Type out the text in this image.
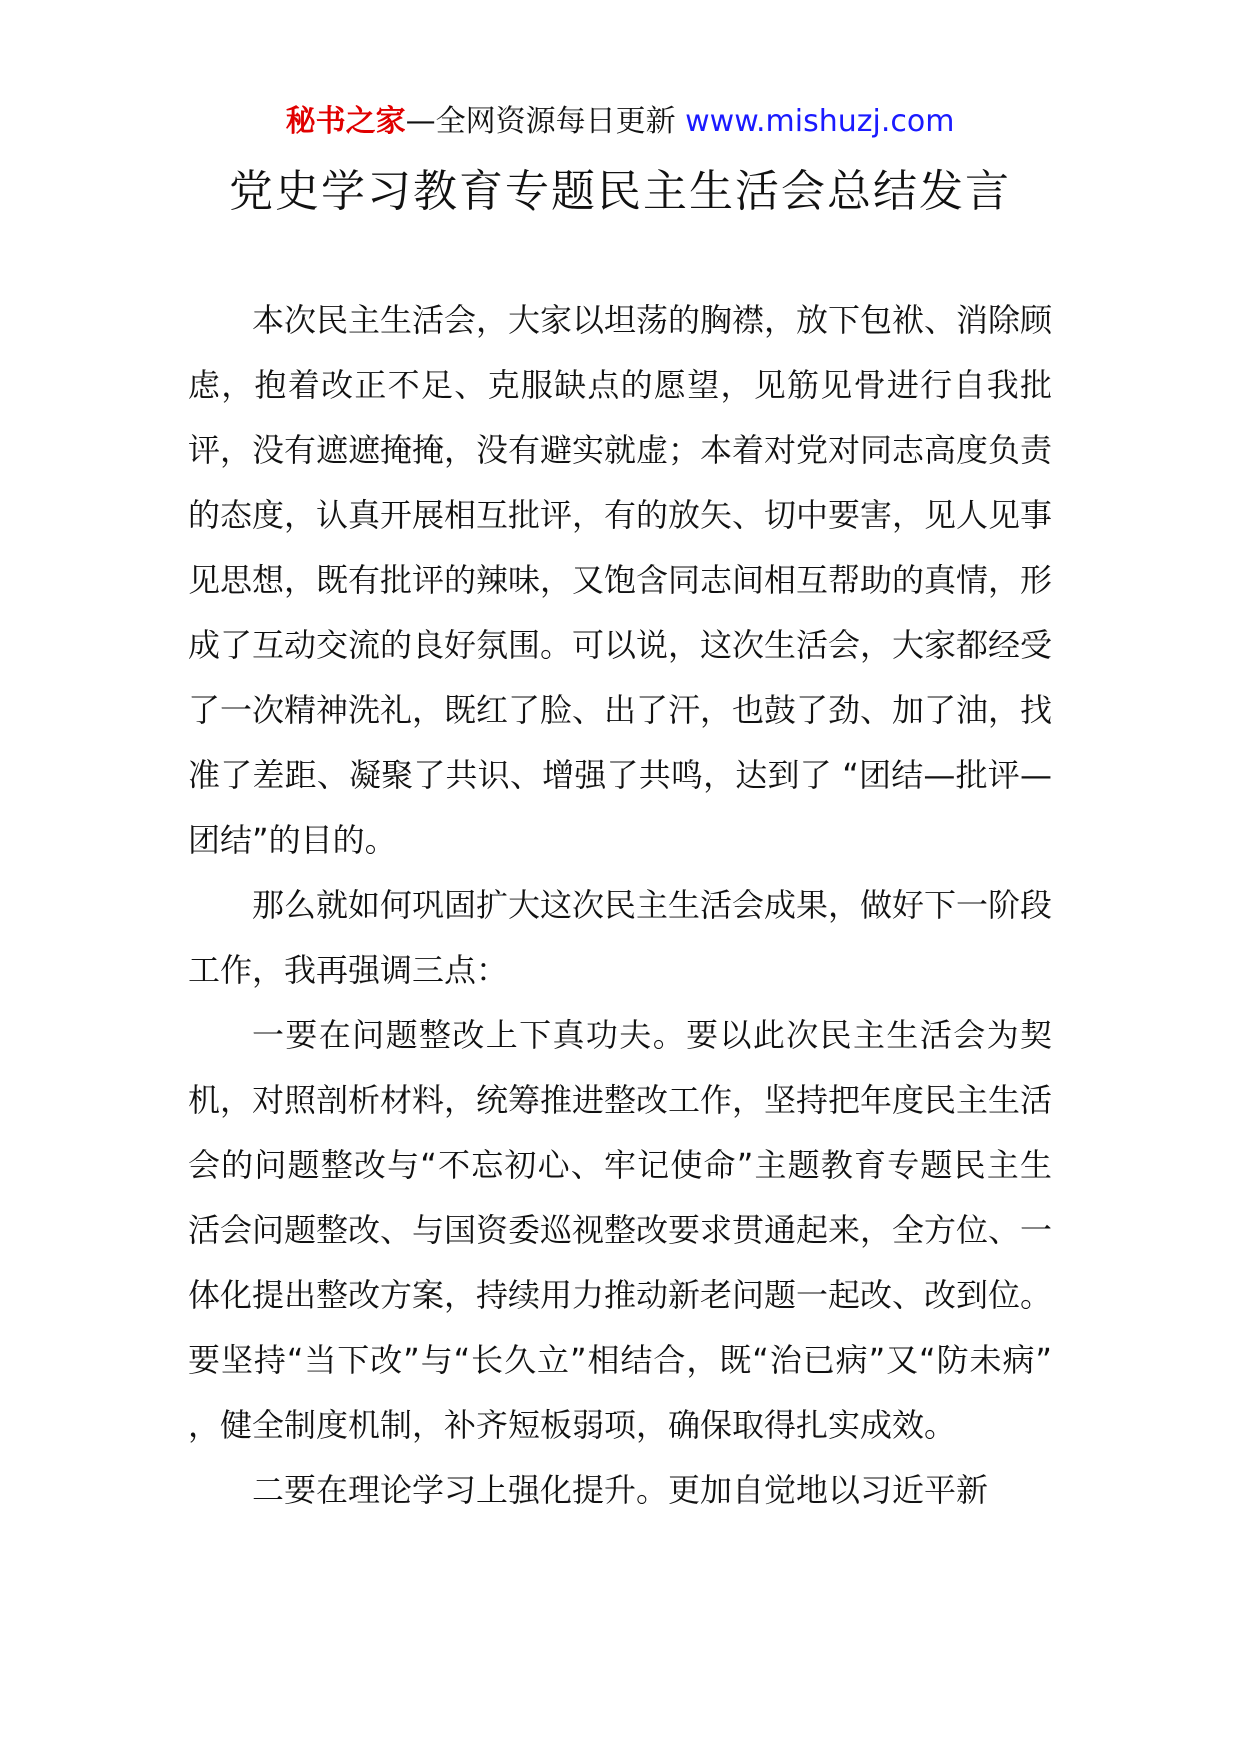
秘书之家—全网资源每日更新 www.mishuzj.com
党史学习教育专题民主生活会总结发言

本次民主生活会，大家以坦荡的胸襟，放下包袱、消除顾虑，抱着改正不足、克服缺点的愿望，见筋见骨进行自我批评，没有遮遮掩掩，没有避实就虚；本着对党对同志高度负责的态度，认真开展相互批评，有的放矢、切中要害，见人见事见思想，既有批评的辣味，又饱含同志间相互帮助的真情，形成了互动交流的良好氛围。可以说，这次生活会，大家都经受了一次精神洗礼，既红了脸、出了汗，也鼓了劲、加了油，找准了差距、凝聚了共识、增强了共鸣，达到了 “团结—批评—团结”的目的。

那么就如何巩固扩大这次民主生活会成果，做好下一阶段工作，我再强调三点：

一要在问题整改上下真功夫。要以此次民主生活会为契机，对照剖析材料，统筹推进整改工作，坚持把年度民主生活会的问题整改与“不忘初心、牢记使命”主题教育专题民主生活会问题整改、与国资委巡视整改要求贯通起来，全方位、一体化提出整改方案，持续用力推动新老问题一起改、改到位。要坚持“当下改”与“长久立”相结合，既“治已病”又“防未病” ，健全制度机制，补齐短板弱项，确保取得扎实成效。

二要在理论学习上强化提升。更加自觉地以习近平新
